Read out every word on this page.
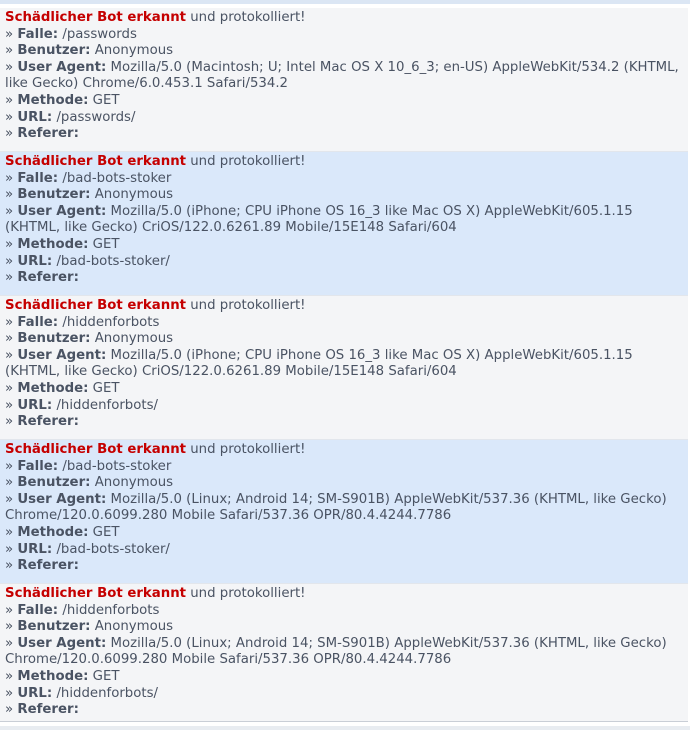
Schädlicher Bot erkannt und protokolliert!
» Falle: /passwords
» Benutzer: Anonymous
» User Agent: Mozilla/5.0 (Macintosh; U; Intel Mac OS X 10_6_3; en-US) AppleWebKit/534.2 (KHTML, like Gecko) Chrome/6.0.453.1 Safari/534.2
» Methode: GET
» URL: /passwords/
» Referer:
Schädlicher Bot erkannt und protokolliert!
» Falle: /bad-bots-stoker
» Benutzer: Anonymous
» User Agent: Mozilla/5.0 (iPhone; CPU iPhone OS 16_3 like Mac OS X) AppleWebKit/605.1.15 (KHTML, like Gecko) CriOS/122.0.6261.89 Mobile/15E148 Safari/604
» Methode: GET
» URL: /bad-bots-stoker/
» Referer:
Schädlicher Bot erkannt und protokolliert!
» Falle: /hiddenforbots
» Benutzer: Anonymous
» User Agent: Mozilla/5.0 (iPhone; CPU iPhone OS 16_3 like Mac OS X) AppleWebKit/605.1.15 (KHTML, like Gecko) CriOS/122.0.6261.89 Mobile/15E148 Safari/604
» Methode: GET
» URL: /hiddenforbots/
» Referer:
Schädlicher Bot erkannt und protokolliert!
» Falle: /bad-bots-stoker
» Benutzer: Anonymous
» User Agent: Mozilla/5.0 (Linux; Android 14; SM-S901B) AppleWebKit/537.36 (KHTML, like Gecko) Chrome/120.0.6099.280 Mobile Safari/537.36 OPR/80.4.4244.7786
» Methode: GET
» URL: /bad-bots-stoker/
» Referer:
Schädlicher Bot erkannt und protokolliert!
» Falle: /hiddenforbots
» Benutzer: Anonymous
» User Agent: Mozilla/5.0 (Linux; Android 14; SM-S901B) AppleWebKit/537.36 (KHTML, like Gecko) Chrome/120.0.6099.280 Mobile Safari/537.36 OPR/80.4.4244.7786
» Methode: GET
» URL: /hiddenforbots/
» Referer:
